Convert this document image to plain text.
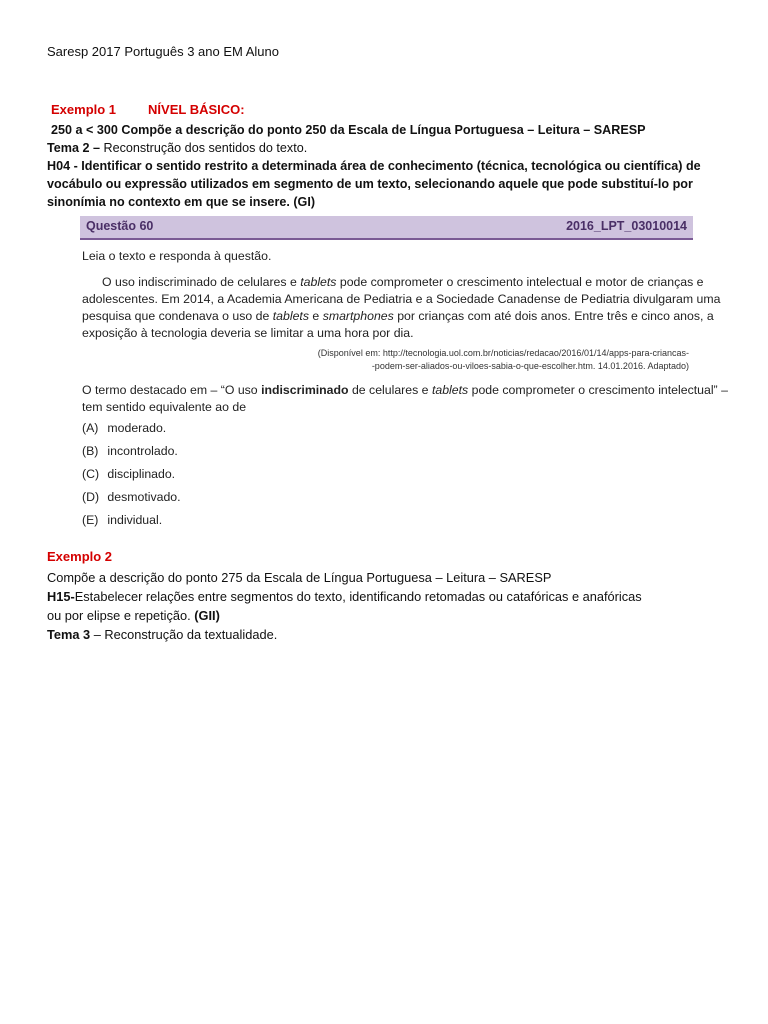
Saresp 2017 Português 3 ano EM Aluno
Exemplo 1 NÍVEL BÁSICO:
250 a < 300 Compõe a descrição do ponto 250 da Escala de Língua Portuguesa – Leitura – SARESP
Tema 2 – Reconstrução dos sentidos do texto.
H04 - Identificar o sentido restrito a determinada área de conhecimento (técnica, tecnológica ou científica) de
vocábulo ou expressão utilizados em segmento de um texto, selecionando aquele que pode substituí-lo por
sinonímia no contexto em que se insere. (GI)
Questão 60	2016_LPT_03010014
Leia o texto e responda à questão.
O uso indiscriminado de celulares e tablets pode comprometer o crescimento intelectual e motor de crianças e
adolescentes. Em 2014, a Academia Americana de Pediatria e a Sociedade Canadense de Pediatria divulgaram uma
pesquisa que condenava o uso de tablets e smartphones por crianças com até dois anos. Entre três e cinco anos, a
exposição à tecnologia deveria se limitar a uma hora por dia.
(Disponível em: http://tecnologia.uol.com.br/noticias/redacao/2016/01/14/apps-para-criancas-
-podem-ser-aliados-ou-viloes-sabia-o-que-escolher.htm. 14.01.2016. Adaptado)
O termo destacado em – “O uso indiscriminado de celulares e tablets pode comprometer o crescimento intelectual” –
tem sentido equivalente ao de
(A) moderado.
(B) incontrolado.
(C) disciplinado.
(D) desmotivado.
(E) individual.
Exemplo 2
Compõe a descrição do ponto 275 da Escala de Língua Portuguesa – Leitura – SARESP
H15-Estabelecer relações entre segmentos do texto, identificando retomadas ou catafóricas e anafóricas
ou por elipse e repetição. (GII)
Tema 3 – Reconstrução da textualidade.
